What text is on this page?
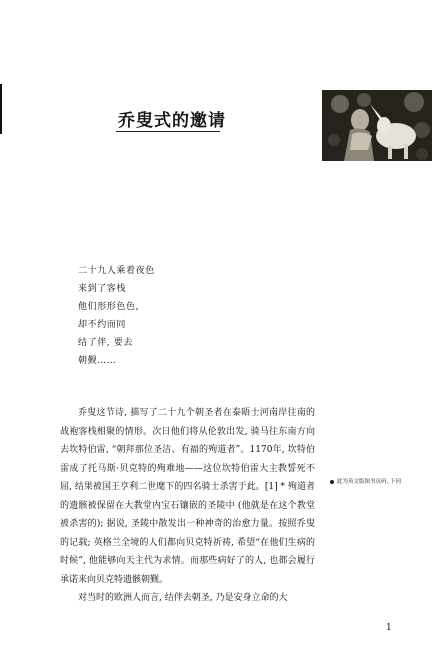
乔叟式的邀请
二十九人乘着夜色
来到了客栈
他们形形色色,
却不约而同
结了伴, 要去
朝觐……

乔叟这节诗, 描写了二十九个朝圣者在泰晤士河南岸往南的战袍客栈相聚的情形。次日他们将从伦敦出发, 骑马往东南方向去坎特伯雷, “朝拜那位圣洁、有福的殉道者”。1170年, 坎特伯雷成了托马斯·贝克特的殉难地——这位坎特伯雷大主教誓死不屈, 结果被国王亨利二世麾下的四名骑士杀害于此。[1] * 殉道者的遗骸被保留在大教堂内宝石镶嵌的圣陵中 (他就是在这个教堂被杀害的); 据说, 圣陵中散发出一种神奇的治愈力量。按照乔叟的记载; 英格兰全境的人们都向贝克特祈祷, 希望“在他们生病的时候”, 他能够向天主代为求情。而那些病好了的人, 也都会履行承诺来向贝克特遗骸朝觐。

对当时的欧洲人而言, 结伴去朝圣, 乃是安身立命的大

此为英文版图书页码, 下同
1
